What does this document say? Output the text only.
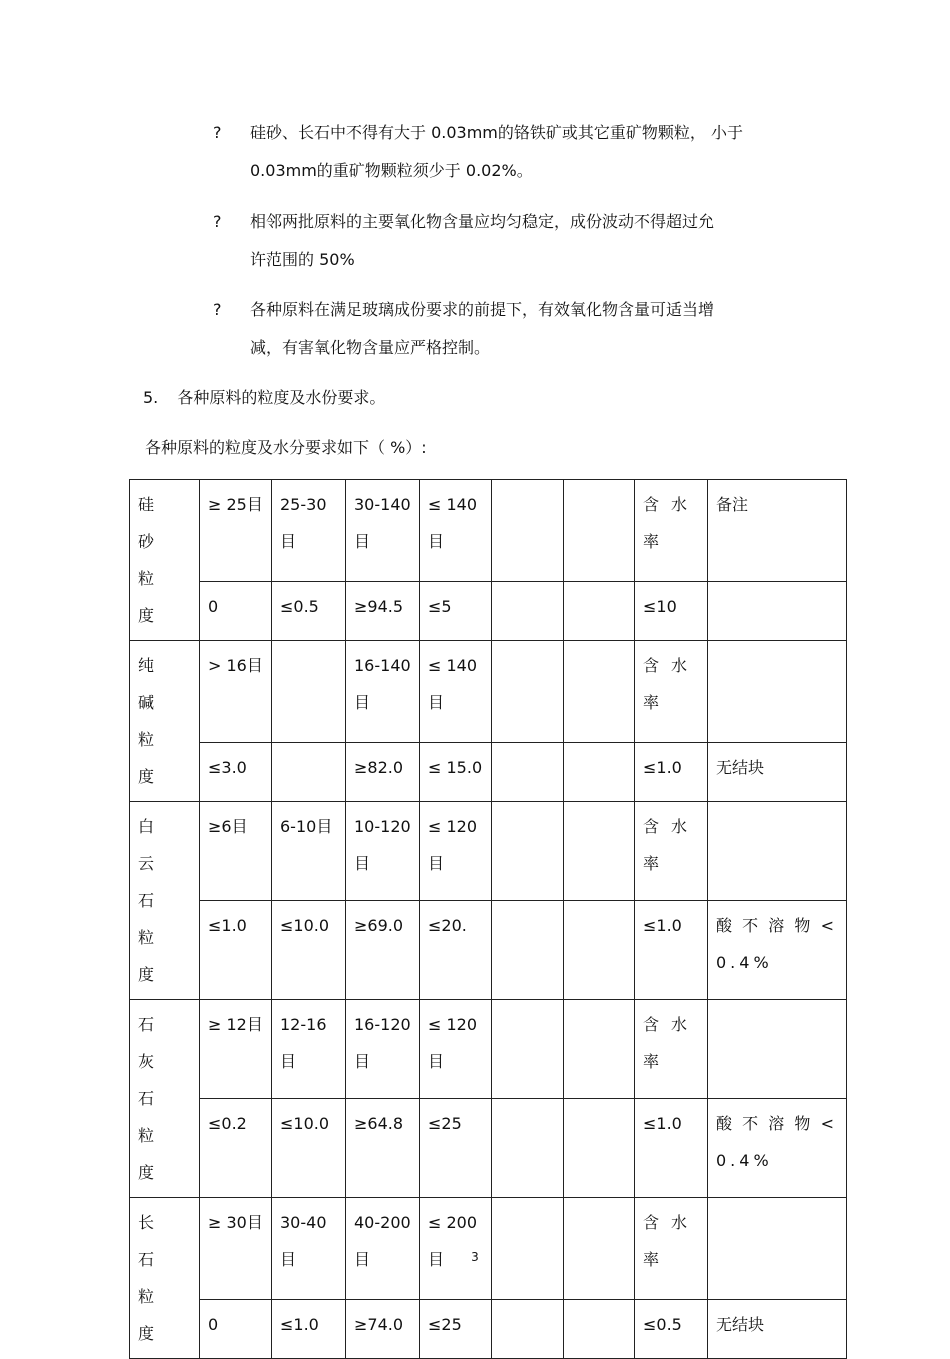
? 硅砂、长石中不得有大于 0.03mm的铬铁矿或其它重矿物颗粒， 小于
0.03mm的重矿物颗粒须少于 0.02%。
? 相邻两批原料的主要氧化物含量应均匀稳定，成份波动不得超过允
许范围的 50%
? 各种原料在满足玻璃成份要求的前提下，有效氧化物含量可适当增
减，有害氧化物含量应严格控制。
5. 各种原料的粒度及水份要求。
各种原料的粒度及水分要求如下（ %）:
硅砂粒度	≥ 25目	25-30目	30-140目	≤ 140目			含水率	备注
	0	≤0.5	≥94.5	≤5			≤10	
纯碱粒度	> 16目		16-140目	≤ 140目			含水率	
	≤3.0		≥82.0	≤ 15.0			≤1.0	无结块
白云石粒度	≥6目	6-10目	10-120目	≤ 120目			含水率	
	≤1.0	≤10.0	≥69.0	≤20.			≤1.0	酸不溶物< 0.4%
石灰石粒度	≥ 12目	12-16目	16-120目	≤ 120目			含水率	
	≤0.2	≤10.0	≥64.8	≤25			≤1.0	酸不溶物< 0.4%
长石粒度	≥ 30目	30-40目	40-200目	≤ 200目			含水率	
	0	≤1.0	≥74.0	≤25			≤0.5	无结块
3
